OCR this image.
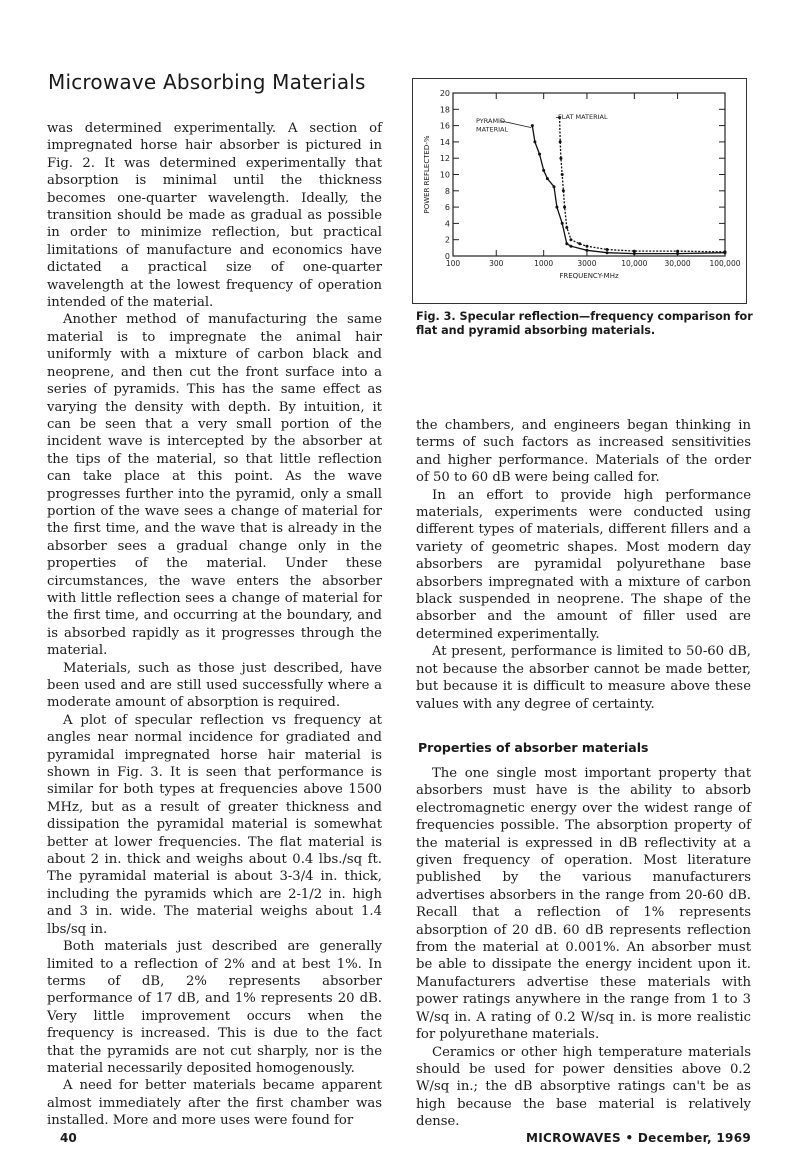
Microwave Absorbing Materials

was determined experimentally. A section of impregnated horse hair absorber is pictured in Fig. 2. It was determined experimentally that absorption is minimal until the thickness becomes one-quarter wavelength. Ideally, the transition should be made as gradual as possible in order to minimize reflection, but practical limitations of manufacture and economics have dictated a practical size of one-quarter wavelength at the lowest frequency of operation intended of the material.

Another method of manufacturing the same material is to impregnate the animal hair uniformly with a mixture of carbon black and neoprene, and then cut the front surface into a series of pyramids. This has the same effect as varying the density with depth. By intuition, it can be seen that a very small portion of the incident wave is intercepted by the absorber at the tips of the material, so that little reflection can take place at this point. As the wave progresses further into the pyramid, only a small portion of the wave sees a change of material for the first time, and the wave that is already in the absorber sees a gradual change only in the properties of the material. Under these circumstances, the wave enters the absorber with little reflection sees a change of material for the first time, and occurring at the boundary, and is absorbed rapidly as it progresses through the material.

Materials, such as those just described, have been used and are still used successfully where a moderate amount of absorption is required.

A plot of specular reflection vs frequency at angles near normal incidence for gradiated and pyramidal impregnated horse hair material is shown in Fig. 3. It is seen that performance is similar for both types at frequencies above 1500 MHz, but as a result of greater thickness and dissipation the pyramidal material is somewhat better at lower frequencies. The flat material is about 2 in. thick and weighs about 0.4 lbs./sq ft. The pyramidal material is about 3-3/4 in. thick, including the pyramids which are 2-1/2 in. high and 3 in. wide. The material weighs about 1.4 lbs/sq in.

Both materials just described are generally limited to a reflection of 2% and at best 1%. In terms of dB, 2% represents absorber performance of 17 dB, and 1% represents 20 dB. Very little improvement occurs when the frequency is increased. This is due to the fact that the pyramids are not cut sharply, nor is the material necessarily deposited homogenously.

A need for better materials became apparent almost immediately after the first chamber was installed. More and more uses were found for

0
2
4
6
8
10
12
14
16
18
20
100	300	1000	3000	10,000 30,000	100,000
FREQUENCY-MHz
POWER REFLECTED-%
PYRAMID
MATERIAL
FLAT MATERIAL

Fig. 3. Specular reflection—frequency comparison for flat and pyramid absorbing materials.

the chambers, and engineers began thinking in terms of such factors as increased sensitivities and higher performance. Materials of the order of 50 to 60 dB were being called for.

In an effort to provide high performance materials, experiments were conducted using different types of materials, different fillers and a variety of geometric shapes. Most modern day absorbers are pyramidal polyurethane base absorbers impregnated with a mixture of carbon black suspended in neoprene. The shape of the absorber and the amount of filler used are determined experimentally.

At present, performance is limited to 50-60 dB, not because the absorber cannot be made better, but because it is difficult to measure above these values with any degree of certainty.

Properties of absorber materials

The one single most important property that absorbers must have is the ability to absorb electromagnetic energy over the widest range of frequencies possible. The absorption property of the material is expressed in dB reflectivity at a given frequency of operation. Most literature published by the various manufacturers advertises absorbers in the range from 20-60 dB. Recall that a reflection of 1% represents absorption of 20 dB. 60 dB represents reflection from the material at 0.001%. An absorber must be able to dissipate the energy incident upon it. Manufacturers advertise these materials with power ratings anywhere in the range from 1 to 3 W/sq in. A rating of 0.2 W/sq in. is more realistic for polyurethane materials.

Ceramics or other high temperature materials should be used for power densities above 0.2 W/sq in.; the dB absorptive ratings can't be as high because the base material is relatively dense.

40	MICROWAVES • December, 1969
